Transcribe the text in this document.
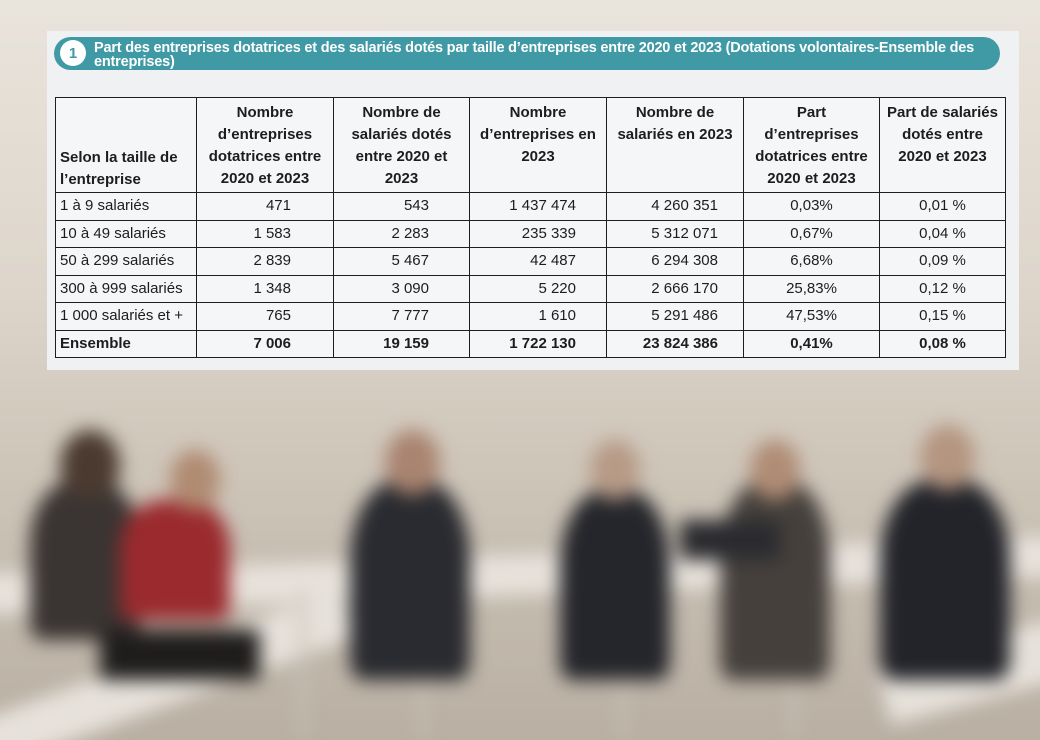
1	Part des entreprises dotatrices et des salariés dotés par taille d’entreprises entre 2020 et 2023 (Dotations volontaires-Ensemble des entreprises)
Selon la taille de l’entreprise	Nombre d’entreprises dotatrices entre 2020 et 2023	Nombre de salariés dotés entre 2020 et 2023	Nombre d’entreprises en 2023	Nombre de salariés en 2023	Part d’entreprises dotatrices entre 2020 et 2023	Part de salariés dotés entre 2020 et 2023
1 à 9 salariés	471	543	1 437 474	4 260 351	0,03%	0,01 %
10 à 49 salariés	1 583	2 283	235 339	5 312 071	0,67%	0,04 %
50 à 299 salariés	2 839	5 467	42 487	6 294 308	6,68%	0,09 %
300 à 999 salariés	1 348	3 090	5 220	2 666 170	25,83%	0,12 %
1 000 salariés et +	765	7 777	1 610	5 291 486	47,53%	0,15 %
Ensemble	7 006	19 159	1 722 130	23 824 386	0,41%	0,08 %
